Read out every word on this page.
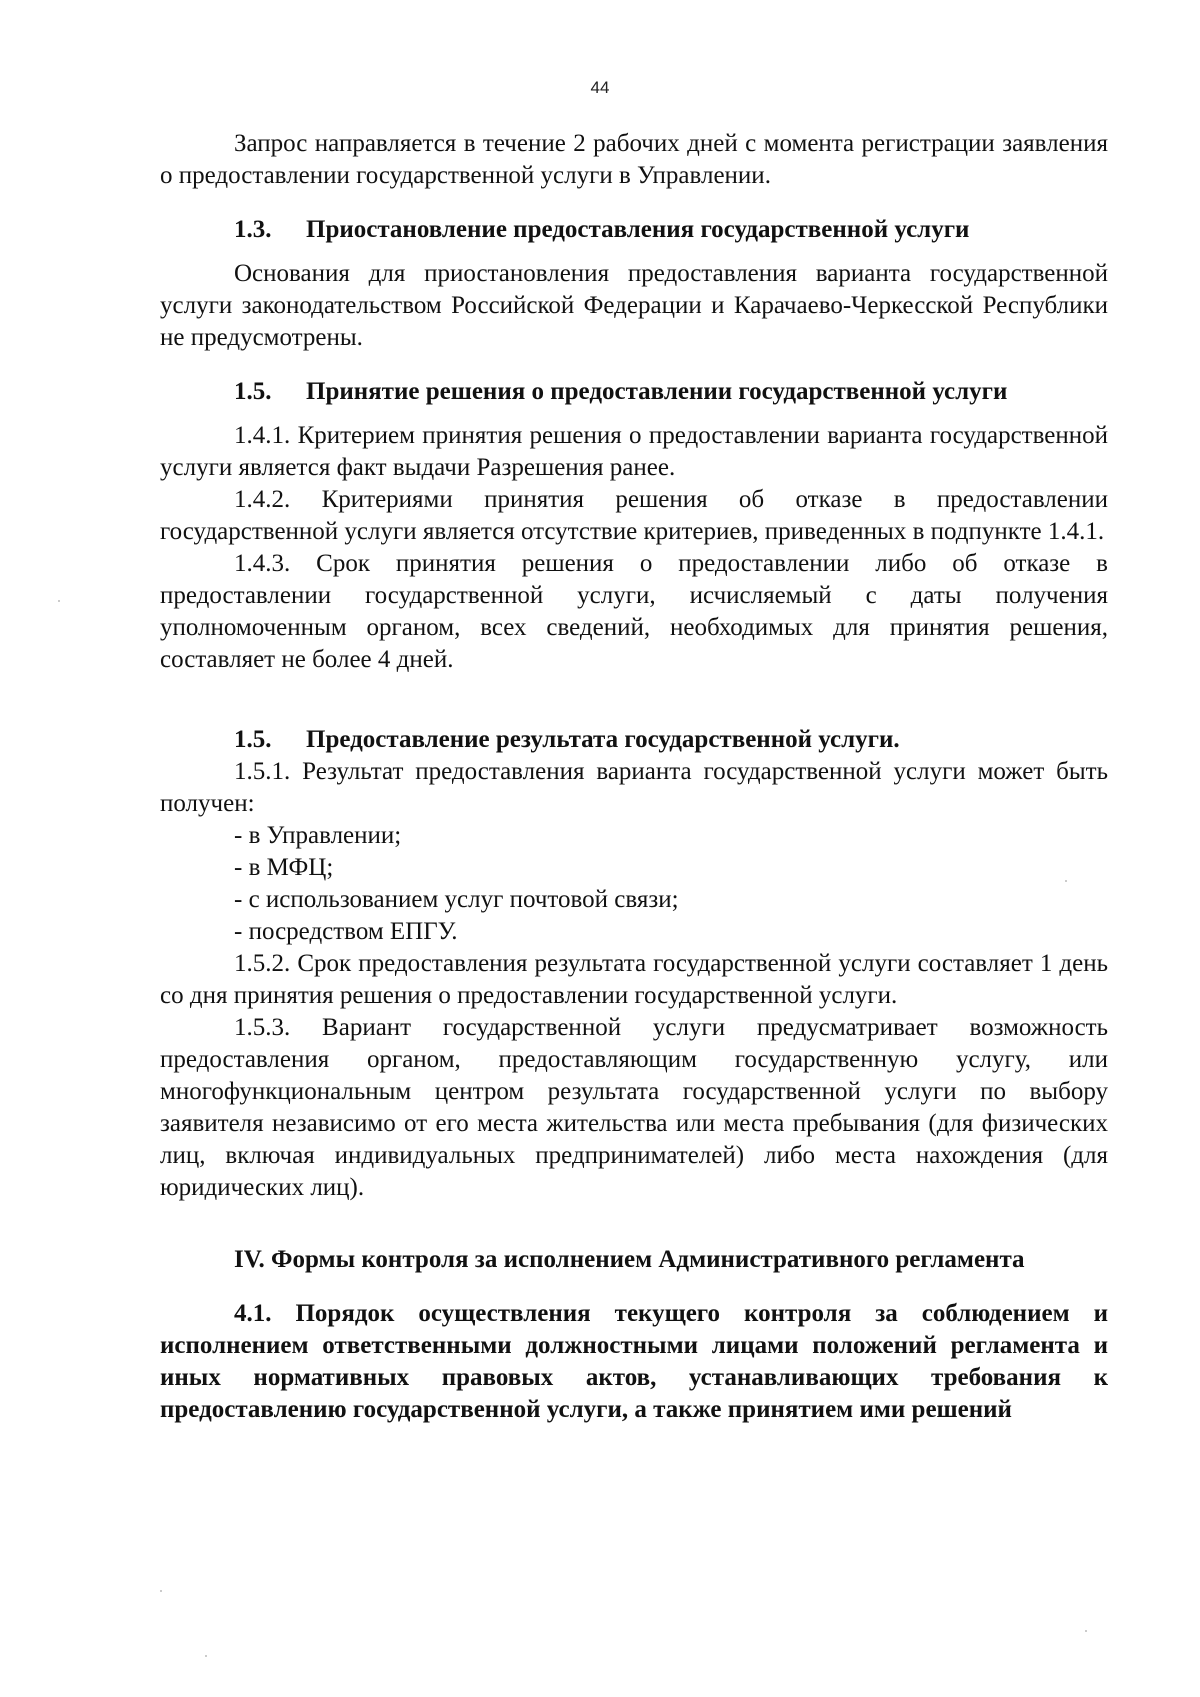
44

Запрос направляется в течение 2 рабочих дней с момента регистрации заявления о предоставлении государственной услуги в Управлении.

1.3. Приостановление предоставления государственной услуги

Основания для приостановления предоставления варианта государственной услуги законодательством Российской Федерации и Карачаево-Черкесской Республики не предусмотрены.

1.5. Принятие решения о предоставлении государственной услуги

1.4.1. Критерием принятия решения о предоставлении варианта государственной услуги является факт выдачи Разрешения ранее.

1.4.2. Критериями принятия решения об отказе в предоставлении государственной услуги является отсутствие критериев, приведенных в подпункте 1.4.1.

1.4.3. Срок принятия решения о предоставлении либо об отказе в предоставлении государственной услуги, исчисляемый с даты получения уполномоченным органом, всех сведений, необходимых для принятия решения, составляет не более 4 дней.

1.5. Предоставление результата государственной услуги.

1.5.1. Результат предоставления варианта государственной услуги может быть получен:

- в Управлении;

- в МФЦ;

- с использованием услуг почтовой связи;

- посредством ЕПГУ.

1.5.2. Срок предоставления результата государственной услуги составляет 1 день со дня принятия решения о предоставлении государственной услуги.

1.5.3. Вариант государственной услуги предусматривает возможность предоставления органом, предоставляющим государственную услугу, или многофункциональным центром результата государственной услуги по выбору заявителя независимо от его места жительства или места пребывания (для физических лиц, включая индивидуальных предпринимателей) либо места нахождения (для юридических лиц).

IV. Формы контроля за исполнением Административного регламента

4.1. Порядок осуществления текущего контроля за соблюдением и исполнением ответственными должностными лицами положений регламента и иных нормативных правовых актов, устанавливающих требования к предоставлению государственной услуги, а также принятием ими решений
